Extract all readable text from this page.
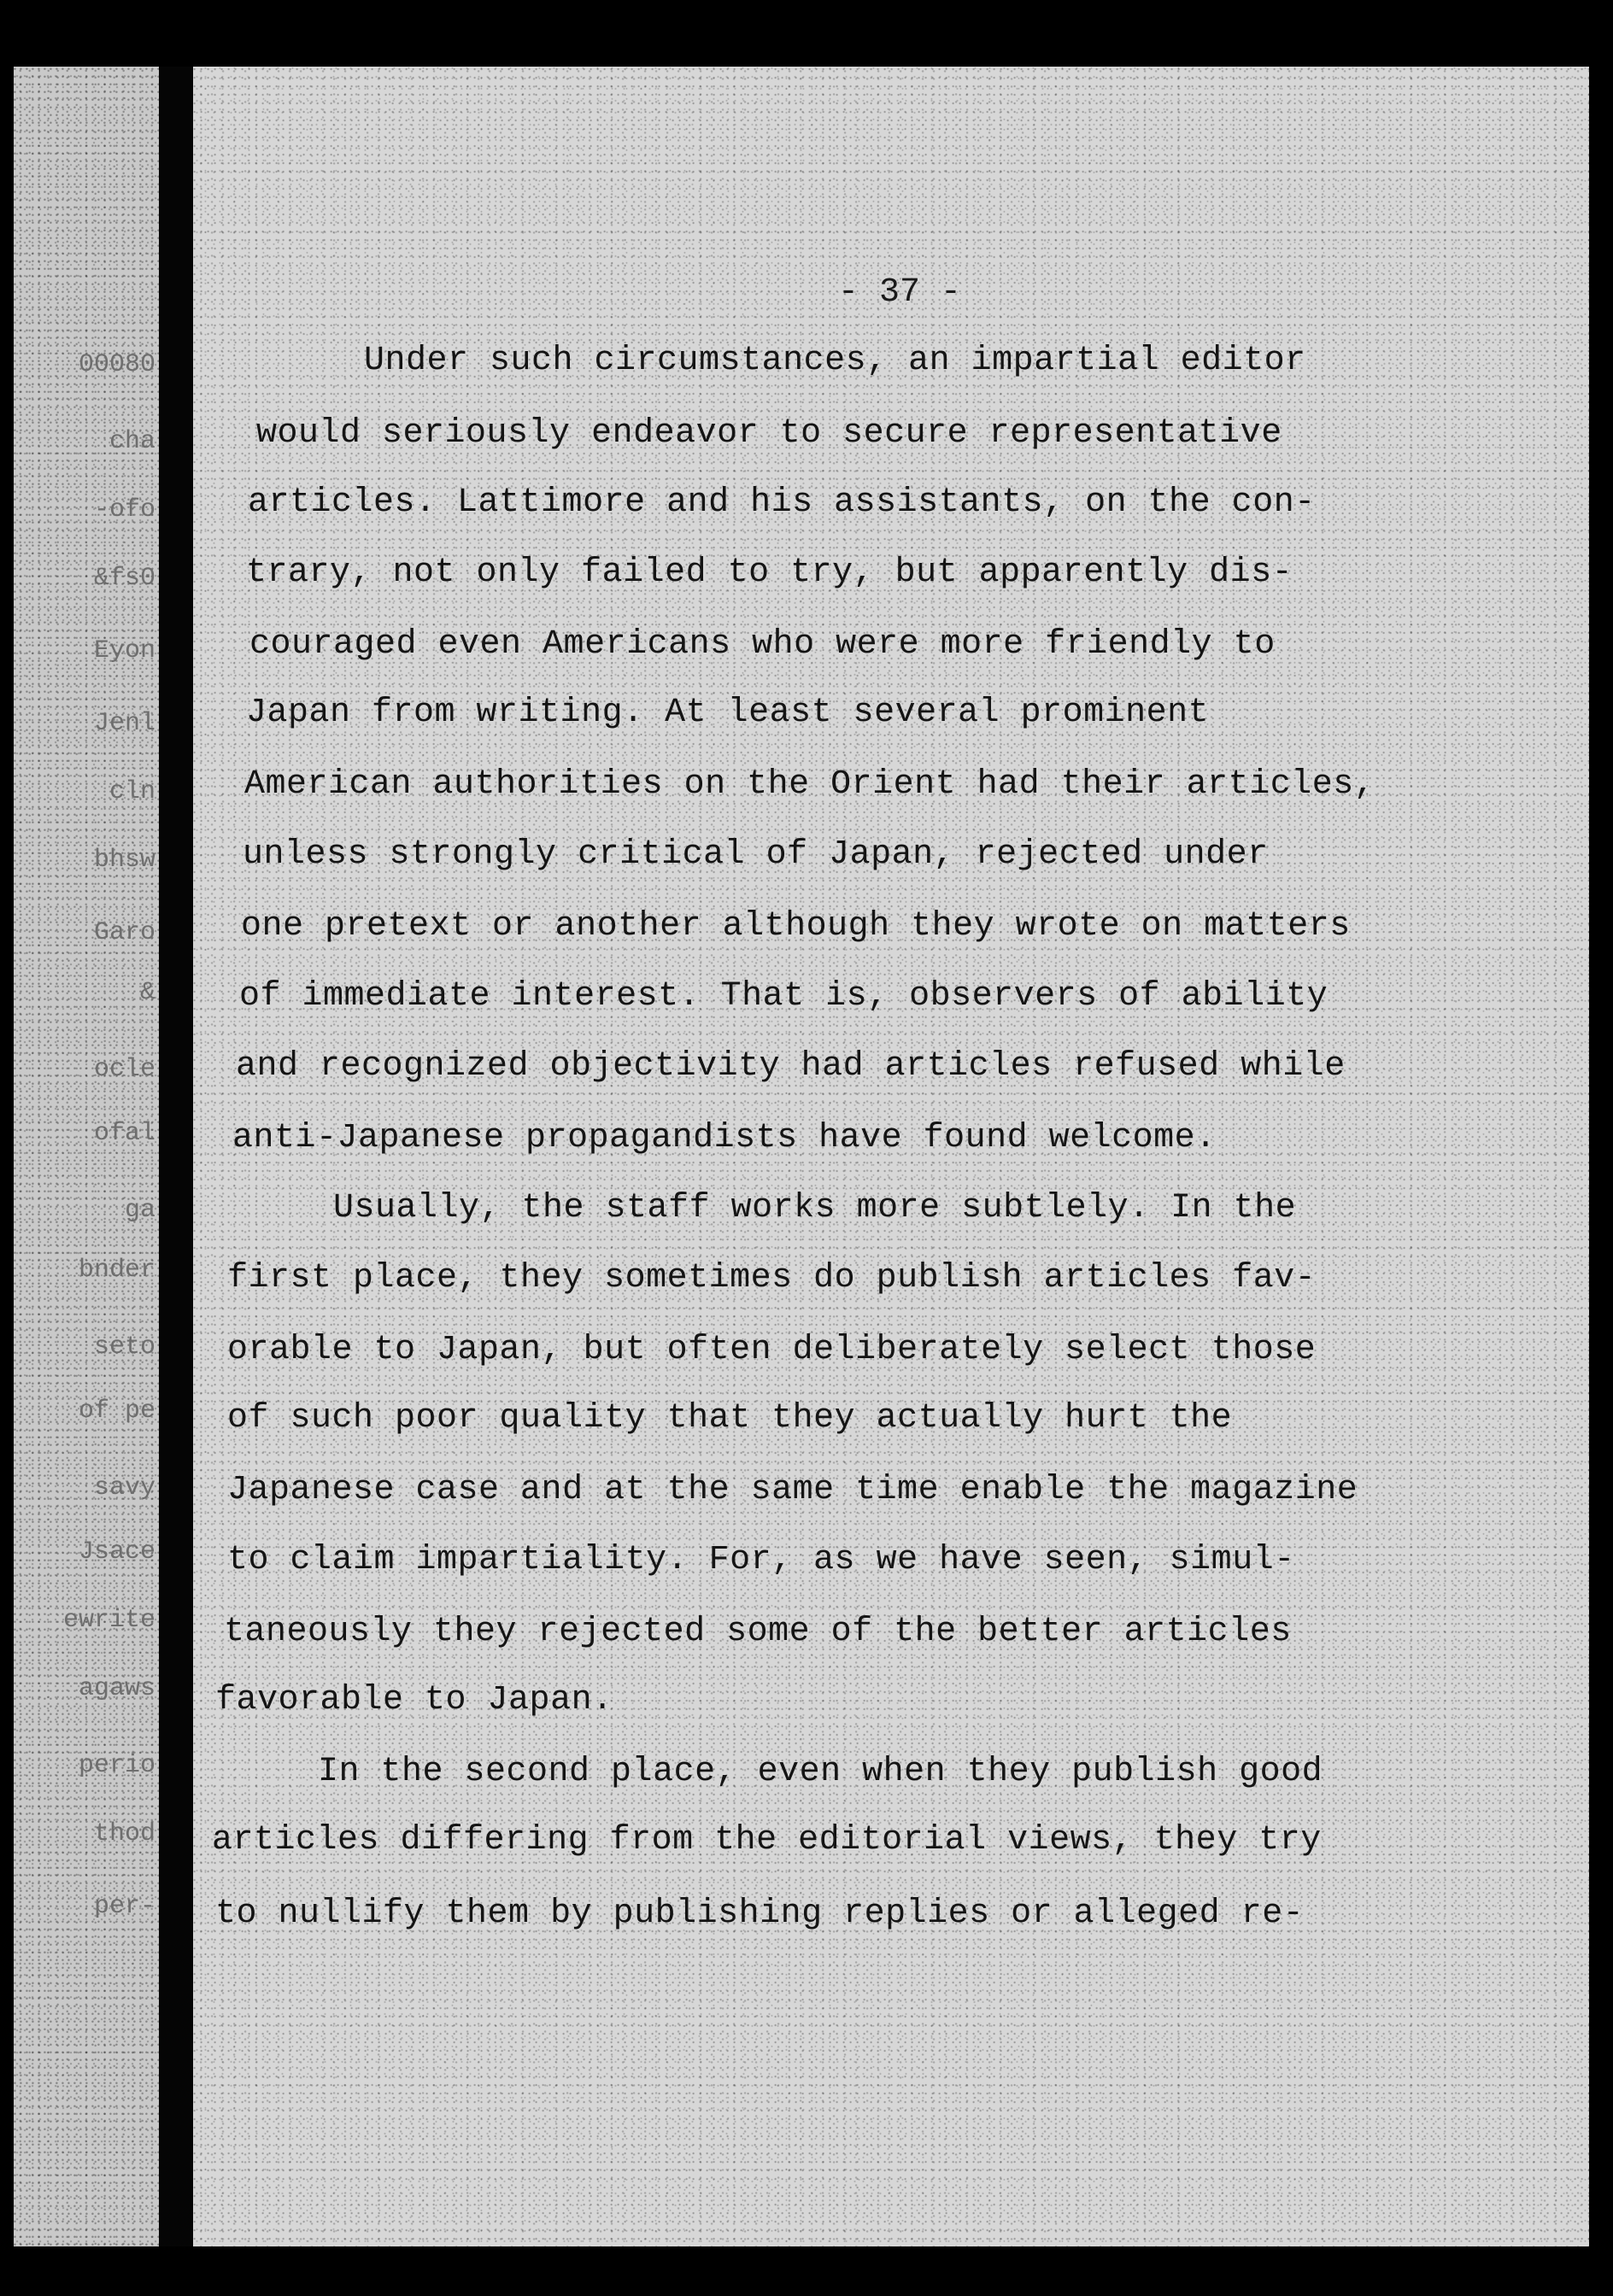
00080
cha
-ofo
&fs0
Eyon
Jenl
cln
bhsw
Garo
&
ocle
ofal
ga
bnder
seto
of pe
savy
Jsace
ewrite
agaws
perio
thod
per-
- 37 -
Under such circumstances, an impartial editor
would seriously endeavor to secure representative
articles. Lattimore and his assistants, on the con-
trary, not only failed to try, but apparently dis-
couraged even Americans who were more friendly to
Japan from writing. At least several prominent
American authorities on the Orient had their articles,
unless strongly critical of Japan, rejected under
one pretext or another although they wrote on matters
of immediate interest. That is, observers of ability
and recognized objectivity had articles refused while
anti-Japanese propagandists have found welcome.
Usually, the staff works more subtlely. In the
first place, they sometimes do publish articles fav-
orable to Japan, but often deliberately select those
of such poor quality that they actually hurt the
Japanese case and at the same time enable the magazine
to claim impartiality. For, as we have seen, simul-
taneously they rejected some of the better articles
favorable to Japan.
In the second place, even when they publish good
articles differing from the editorial views, they try
to nullify them by publishing replies or alleged re-
